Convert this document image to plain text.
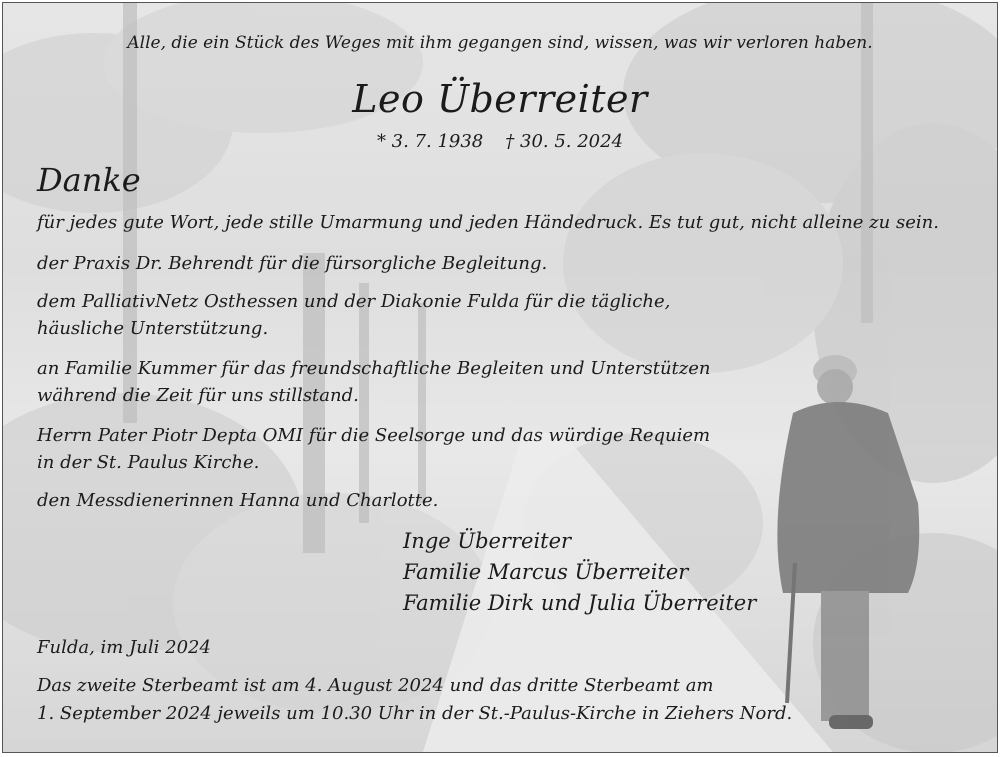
Alle, die ein Stück des Weges mit ihm gegangen sind, wissen, was wir verloren haben.
Leo Überreiter
* 3. 7. 1938 † 30. 5. 2024
Danke
für jedes gute Wort, jede stille Umarmung und jeden Händedruck. Es tut gut, nicht alleine zu sein.
der Praxis Dr. Behrendt für die fürsorgliche Begleitung.
dem PalliativNetz Osthessen und der Diakonie Fulda für die tägliche,
häusliche Unterstützung.
an Familie Kummer für das freundschaftliche Begleiten und Unterstützen
während die Zeit für uns stillstand.
Herrn Pater Piotr Depta OMI für die Seelsorge und das würdige Requiem
in der St. Paulus Kirche.
den Messdienerinnen Hanna und Charlotte.
Inge Überreiter
Familie Marcus Überreiter
Familie Dirk und Julia Überreiter
Fulda, im Juli 2024
Das zweite Sterbeamt ist am 4. August 2024 und das dritte Sterbeamt am
1. September 2024 jeweils um 10.30 Uhr in der St.-Paulus-Kirche in Ziehers Nord.
